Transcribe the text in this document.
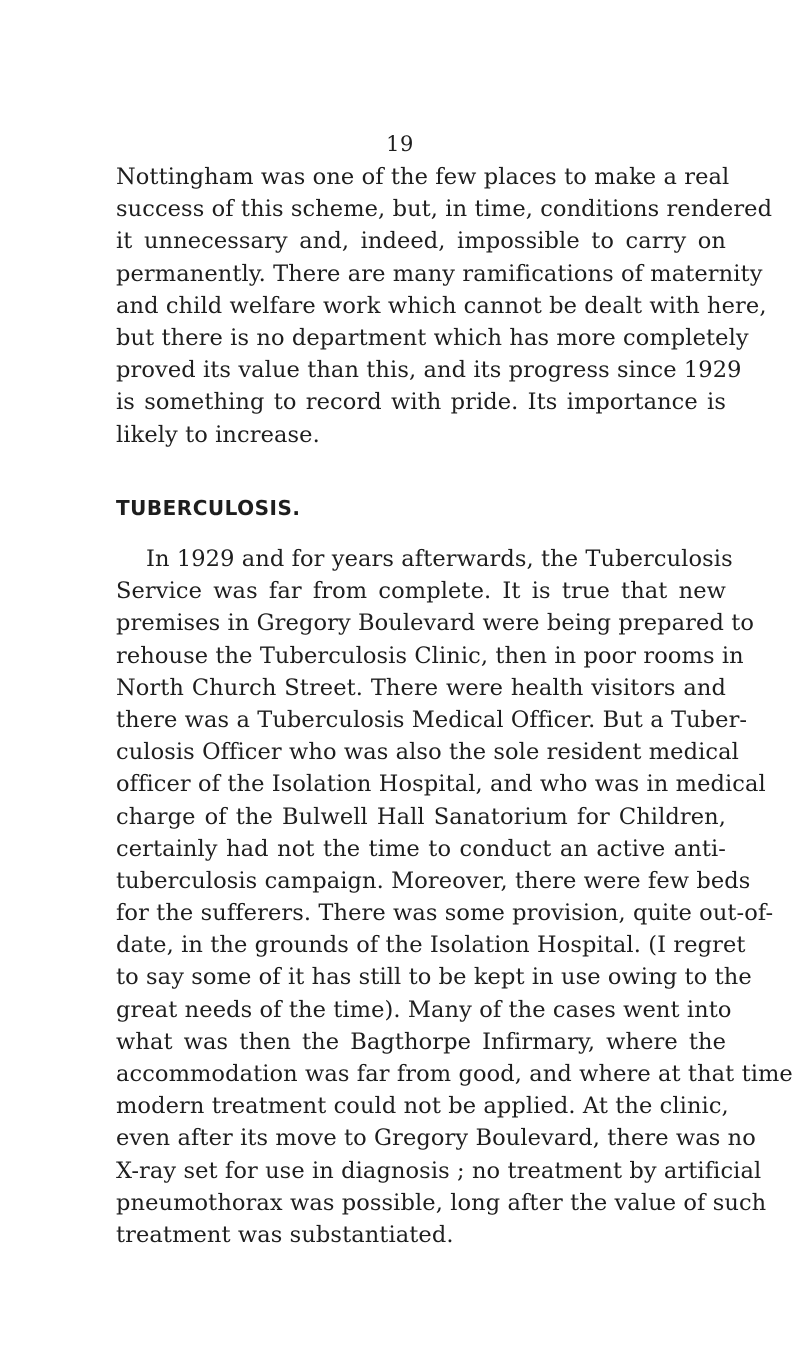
19
Nottingham was one of the few places to make a real
success of this scheme, but, in time, conditions rendered
it unnecessary and, indeed, impossible to carry on
permanently. There are many ramifications of maternity
and child welfare work which cannot be dealt with here,
but there is no department which has more completely
proved its value than this, and its progress since 1929
is something to record with pride. Its importance is
likely to increase.
TUBERCULOSIS.
In 1929 and for years afterwards, the Tuberculosis
Service was far from complete. It is true that new
premises in Gregory Boulevard were being prepared to
rehouse the Tuberculosis Clinic, then in poor rooms in
North Church Street. There were health visitors and
there was a Tuberculosis Medical Officer. But a Tuber-
culosis Officer who was also the sole resident medical
officer of the Isolation Hospital, and who was in medical
charge of the Bulwell Hall Sanatorium for Children,
certainly had not the time to conduct an active anti-
tuberculosis campaign. Moreover, there were few beds
for the sufferers. There was some provision, quite out-of-
date, in the grounds of the Isolation Hospital. (I regret
to say some of it has still to be kept in use owing to the
great needs of the time). Many of the cases went into
what was then the Bagthorpe Infirmary, where the
accommodation was far from good, and where at that time
modern treatment could not be applied. At the clinic,
even after its move to Gregory Boulevard, there was no
X-ray set for use in diagnosis ; no treatment by artificial
pneumothorax was possible, long after the value of such
treatment was substantiated.
